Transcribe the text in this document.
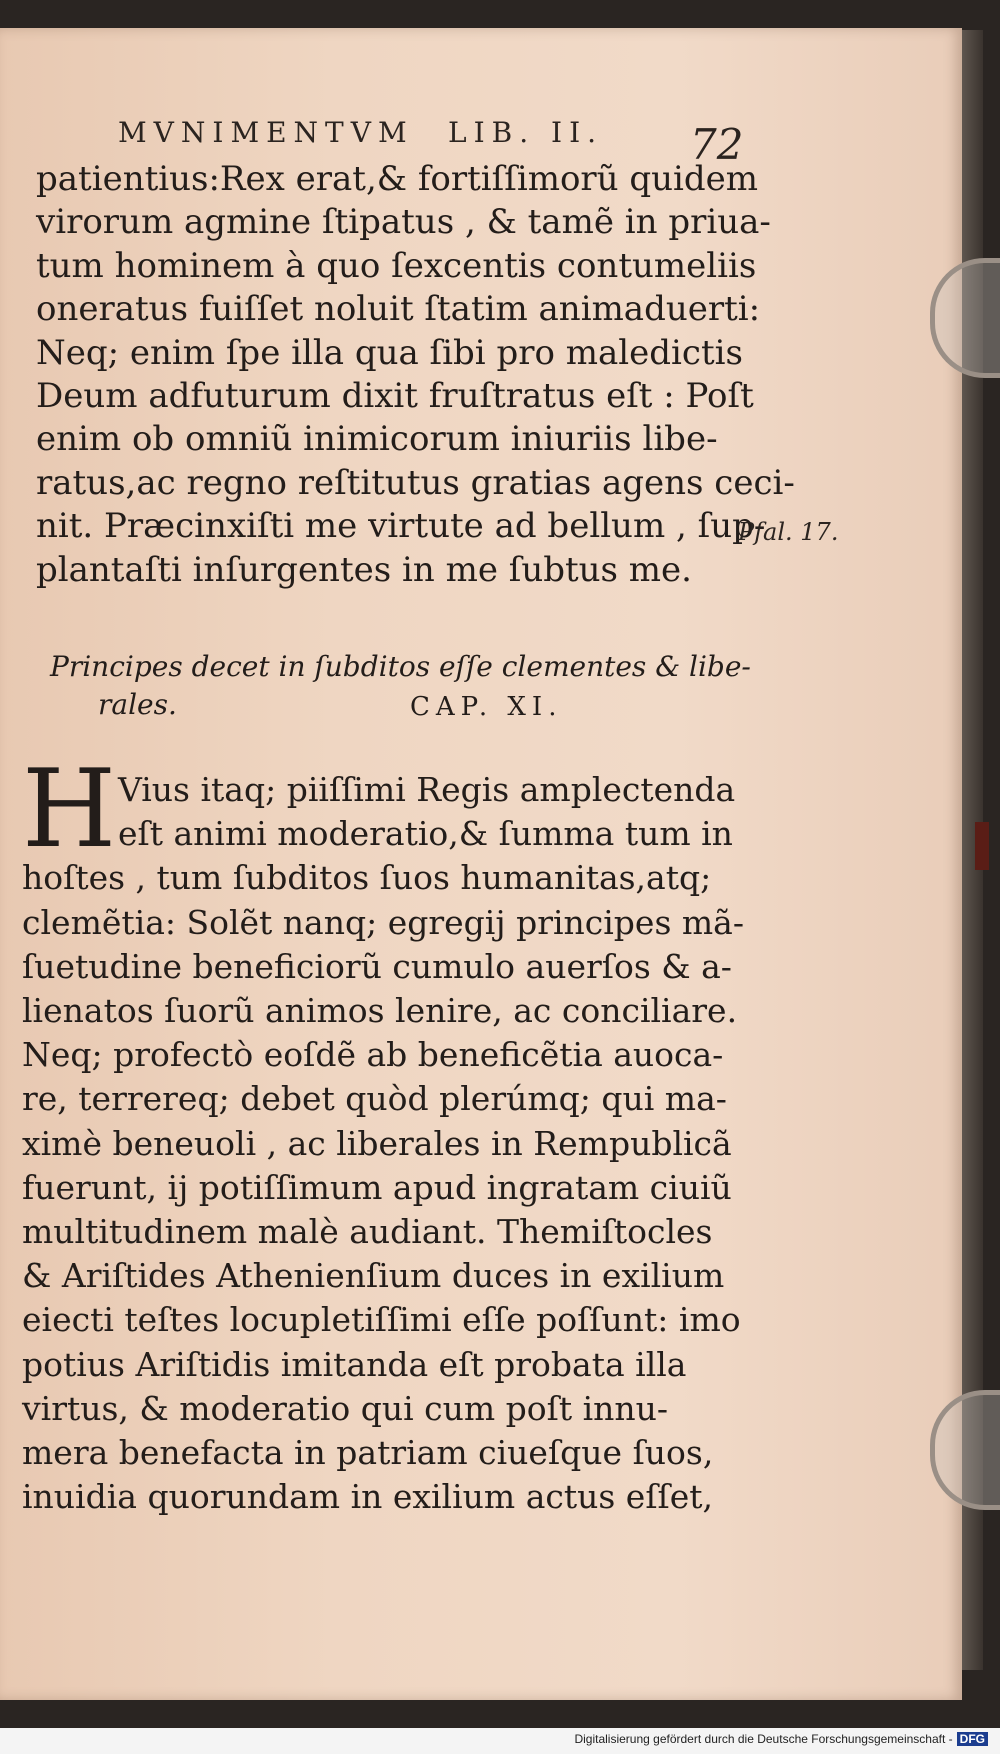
MVNIMENTVM LIB. II. 72
patientius:Rex erat,& fortiſſimorũ quidem
virorum agmine ſtipatus , & tamẽ in priua-
tum hominem à quo ſexcentis contumeliis
oneratus fuiſſet noluit ſtatim animaduerti:
Neq; enim ſpe illa qua ſibi pro maledictis
Deum adfuturum dixit fruſtratus eſt : Poſt
enim ob omniũ inimicorum iniuriis libe-
ratus,ac regno reſtitutus gratias agens ceci-
nit. Præcinxiſti me virtute ad bellum , ſup-
plantaſti inſurgentes in me ſubtus me.
Pſal. 17.
Principes decet in ſubditos eſſe clementes & libe-
rales.	CAP. XI.
H Vius itaq; piiſſimi Regis amplectenda
eſt animi moderatio,& ſumma tum in
hoſtes , tum ſubditos ſuos humanitas,atq;
clemẽtia: Solẽt nanq; egregij principes mã-
ſuetudine beneficiorũ cumulo auerſos & a-
lienatos ſuorũ animos lenire, ac conciliare.
Neq; profectò eoſdẽ ab beneficẽtia auoca-
re, terrereq; debet quòd plerúmq; qui ma-
ximè beneuoli , ac liberales in Rempublicã
fuerunt, ij potiſſimum apud ingratam ciuiũ
multitudinem malè audiant. Themiſtocles
& Ariſtides Athenienſium duces in exilium
eiecti teſtes locupletiſſimi eſſe poſſunt: imo
potius Ariſtidis imitanda eſt probata illa
virtus, & moderatio qui cum poſt innu-
mera benefacta in patriam ciueſque ſuos,
inuidia quorundam in exilium actus eſſet,
Digitalisierung gefördert durch die Deutsche Forschungsgemeinschaft - DFG
